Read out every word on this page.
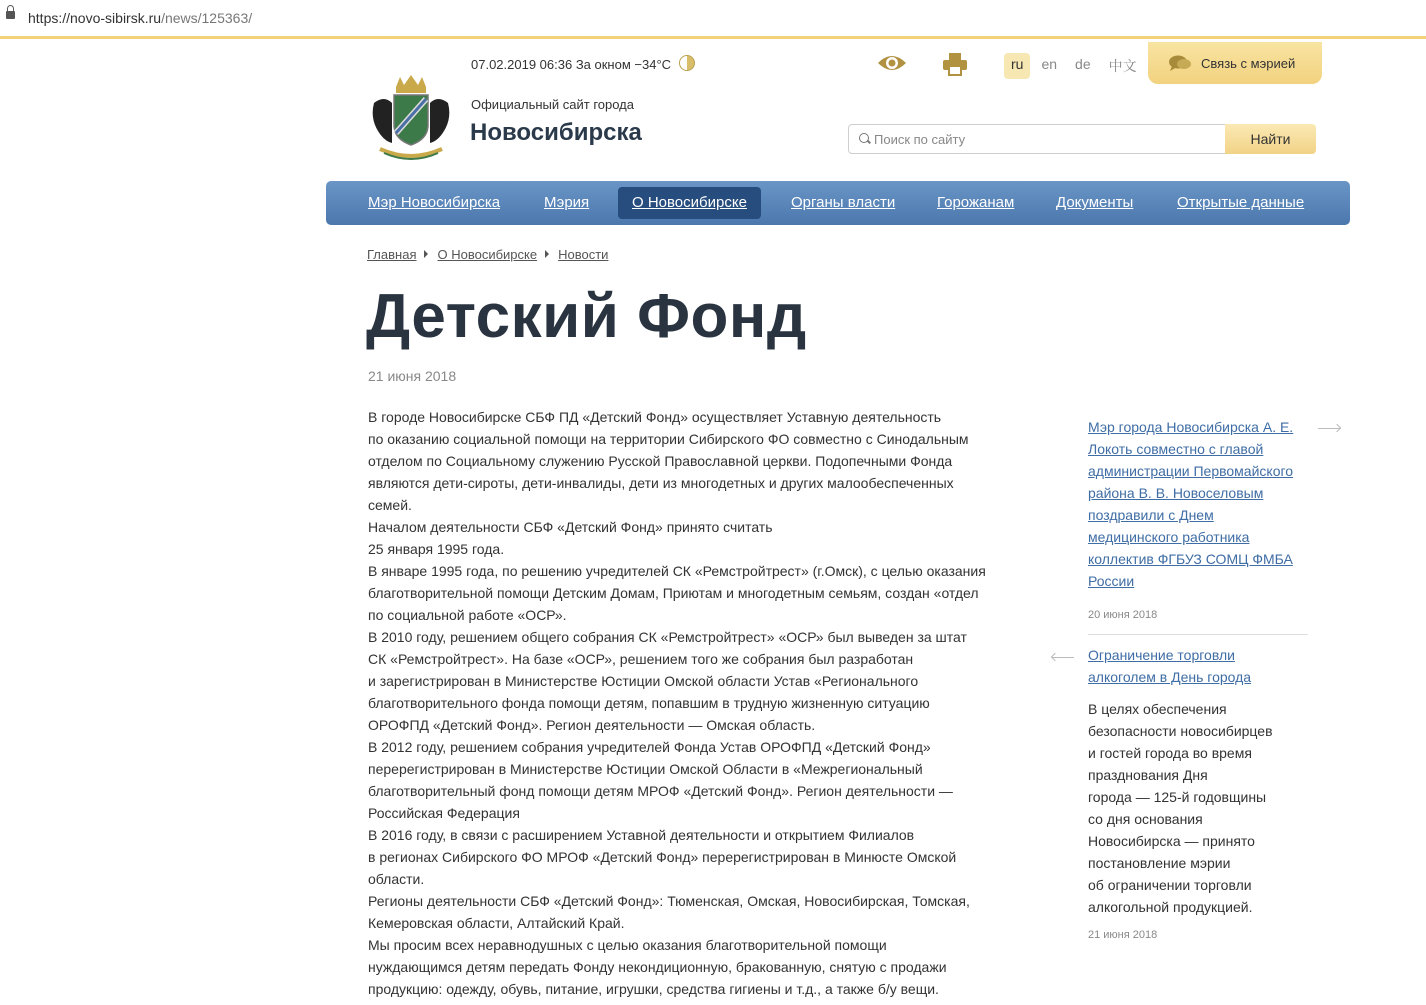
https://novo-sibirsk.ru/news/125363/
07.02.2019 06:36 За окном −34°C	ru	en	de	中文	Связь с мэрией
Официальный сайт города
Новосибирска	Поиск по сайту	Найти
Мэр Новосибирска	Мэрия	О Новосибирске	Органы власти	Горожанам	Документы	Открытые данные
Главная О Новосибирске Новости
Детский Фонд
21 июня 2018
В городе Новосибирске СБФ ПД «Детский Фонд» осуществляет Уставную деятельность
по оказанию социальной помощи на территории Сибирского ФО совместно с Синодальным
отделом по Социальному служению Русской Православной церкви. Подопечными Фонда
являются дети-сироты, дети-инвалиды, дети из многодетных и других малообеспеченных
семей.
Началом деятельности СБФ «Детский Фонд» принято считать
25 января 1995 года.
В январе 1995 года, по решению учредителей СК «Ремстройтрест» (г.Омск), с целью оказания
благотворительной помощи Детским Домам, Приютам и многодетным семьям, создан «отдел
по социальной работе «ОСР».
В 2010 году, решением общего собрания СК «Ремстройтрест» «ОСР» был выведен за штат
СК «Ремстройтрест». На базе «ОСР», решением того же собрания был разработан
и зарегистрирован в Министерстве Юстиции Омской области Устав «Регионального
благотворительного фонда помощи детям, попавшим в трудную жизненную ситуацию
ОРОФПД «Детский Фонд». Регион деятельности — Омская область.
В 2012 году, решением собрания учредителей Фонда Устав ОРОФПД «Детский Фонд»
перерегистрирован в Министерстве Юстиции Омской Области в «Межрегиональный
благотворительный фонд помощи детям МРОФ «Детский Фонд». Регион деятельности —
Российская Федерация
В 2016 году, в связи с расширением Уставной деятельности и открытием Филиалов
в регионах Сибирского ФО МРОФ «Детский Фонд» перерегистрирован в Минюсте Омской
области.
Регионы деятельности СБФ «Детский Фонд»: Тюменская, Омская, Новосибирская, Томская,
Кемеровская области, Алтайский Край.
Мы просим всех неравнодушных с целью оказания благотворительной помощи
нуждающимся детям передать Фонду некондиционную, бракованную, снятую с продажи
продукцию: одежду, обувь, питание, игрушки, средства гигиены и т.д., а также б/у вещи.
Мэр города Новосибирска А. Е.
Локоть совместно с главой
администрации Первомайского
района В. В. Новоселовым
поздравили с Днем
медицинского работника
коллектив ФГБУЗ СОМЦ ФМБА
России
20 июня 2018
Ограничение торговли
алкоголем в День города
В целях обеспечения
безопасности новосибирцев
и гостей города во время
празднования Дня
города — 125-й годовщины
со дня основания
Новосибирска — принято
постановление мэрии
об ограничении торговли
алкогольной продукцией.
21 июня 2018
